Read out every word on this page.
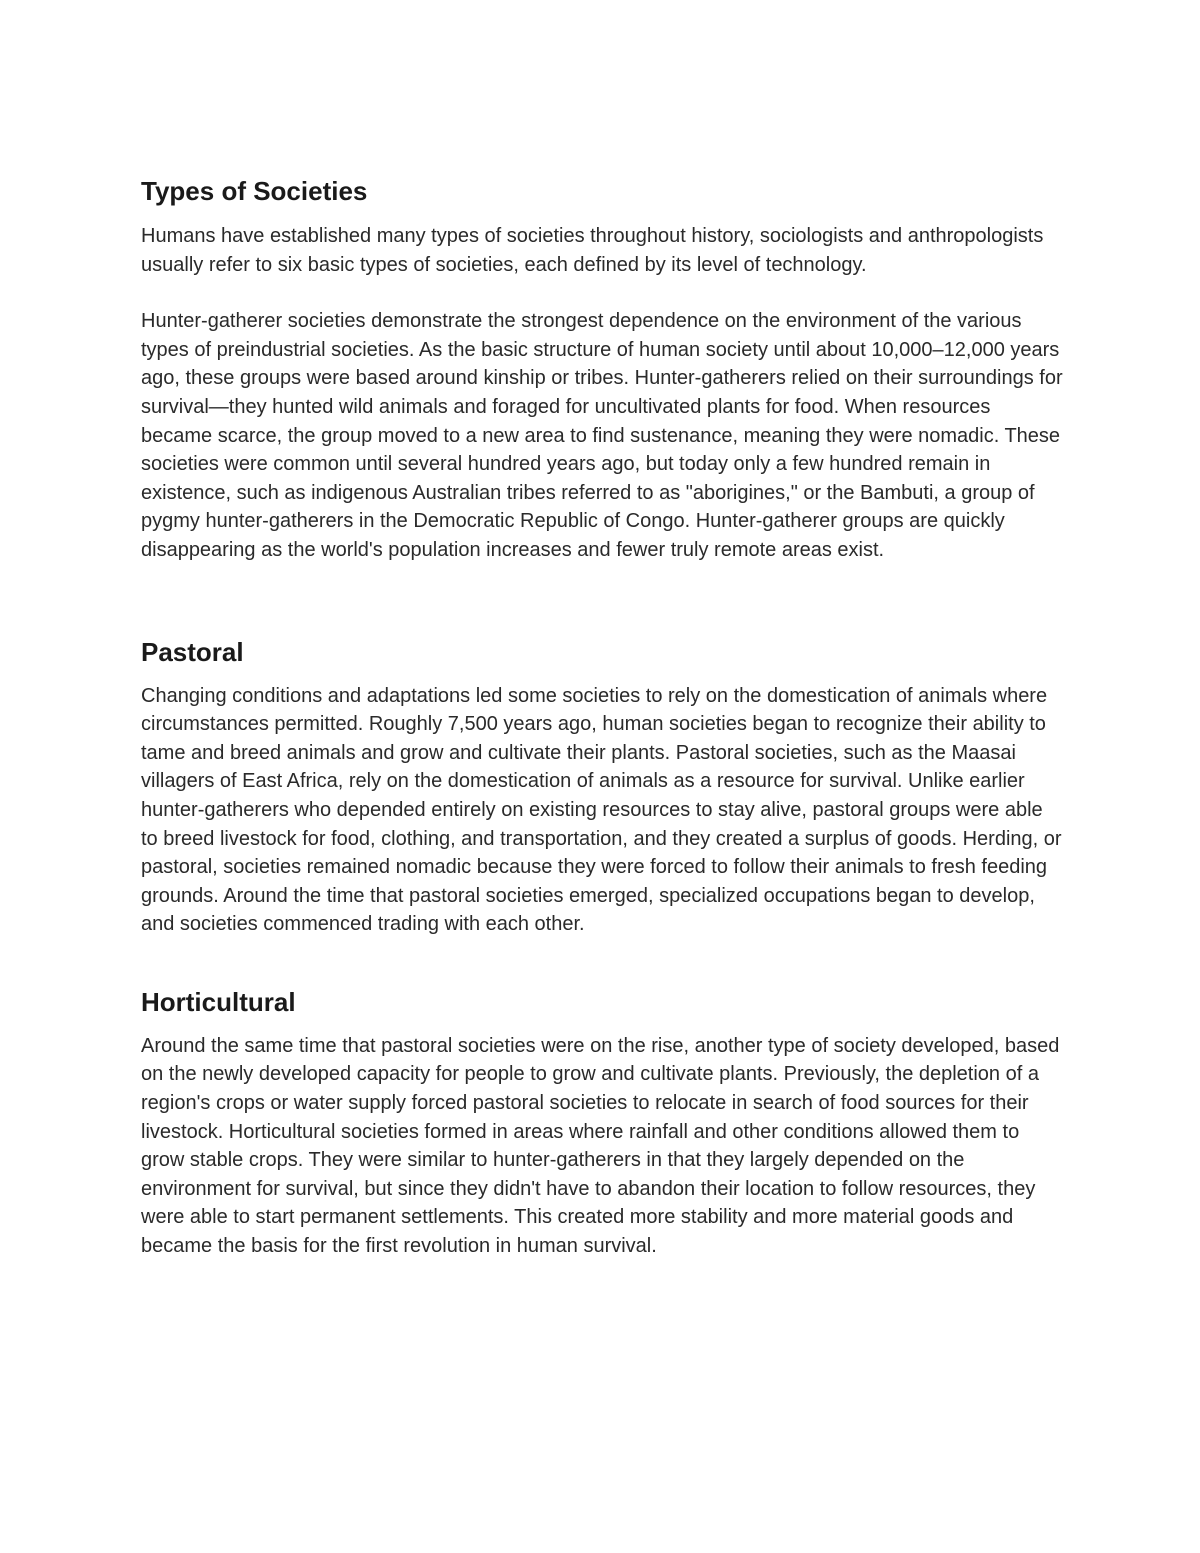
Types of Societies

Humans have established many types of societies throughout history, sociologists and anthropologists usually refer to six basic types of societies, each defined by its level of technology.

Hunter-gatherer societies demonstrate the strongest dependence on the environment of the various types of preindustrial societies. As the basic structure of human society until about 10,000–12,000 years ago, these groups were based around kinship or tribes. Hunter-gatherers relied on their surroundings for survival—they hunted wild animals and foraged for uncultivated plants for food. When resources became scarce, the group moved to a new area to find sustenance, meaning they were nomadic. These societies were common until several hundred years ago, but today only a few hundred remain in existence, such as indigenous Australian tribes referred to as "aborigines," or the Bambuti, a group of pygmy hunter-gatherers in the Democratic Republic of Congo. Hunter-gatherer groups are quickly disappearing as the world's population increases and fewer truly remote areas exist.

Pastoral

Changing conditions and adaptations led some societies to rely on the domestication of animals where circumstances permitted. Roughly 7,500 years ago, human societies began to recognize their ability to tame and breed animals and grow and cultivate their plants. Pastoral societies, such as the Maasai villagers of East Africa, rely on the domestication of animals as a resource for survival. Unlike earlier hunter-gatherers who depended entirely on existing resources to stay alive, pastoral groups were able to breed livestock for food, clothing, and transportation, and they created a surplus of goods. Herding, or pastoral, societies remained nomadic because they were forced to follow their animals to fresh feeding grounds. Around the time that pastoral societies emerged, specialized occupations began to develop, and societies commenced trading with each other.

Horticultural

Around the same time that pastoral societies were on the rise, another type of society developed, based on the newly developed capacity for people to grow and cultivate plants. Previously, the depletion of a region's crops or water supply forced pastoral societies to relocate in search of food sources for their livestock. Horticultural societies formed in areas where rainfall and other conditions allowed them to grow stable crops. They were similar to hunter-gatherers in that they largely depended on the environment for survival, but since they didn't have to abandon their location to follow resources, they were able to start permanent settlements. This created more stability and more material goods and became the basis for the first revolution in human survival.
